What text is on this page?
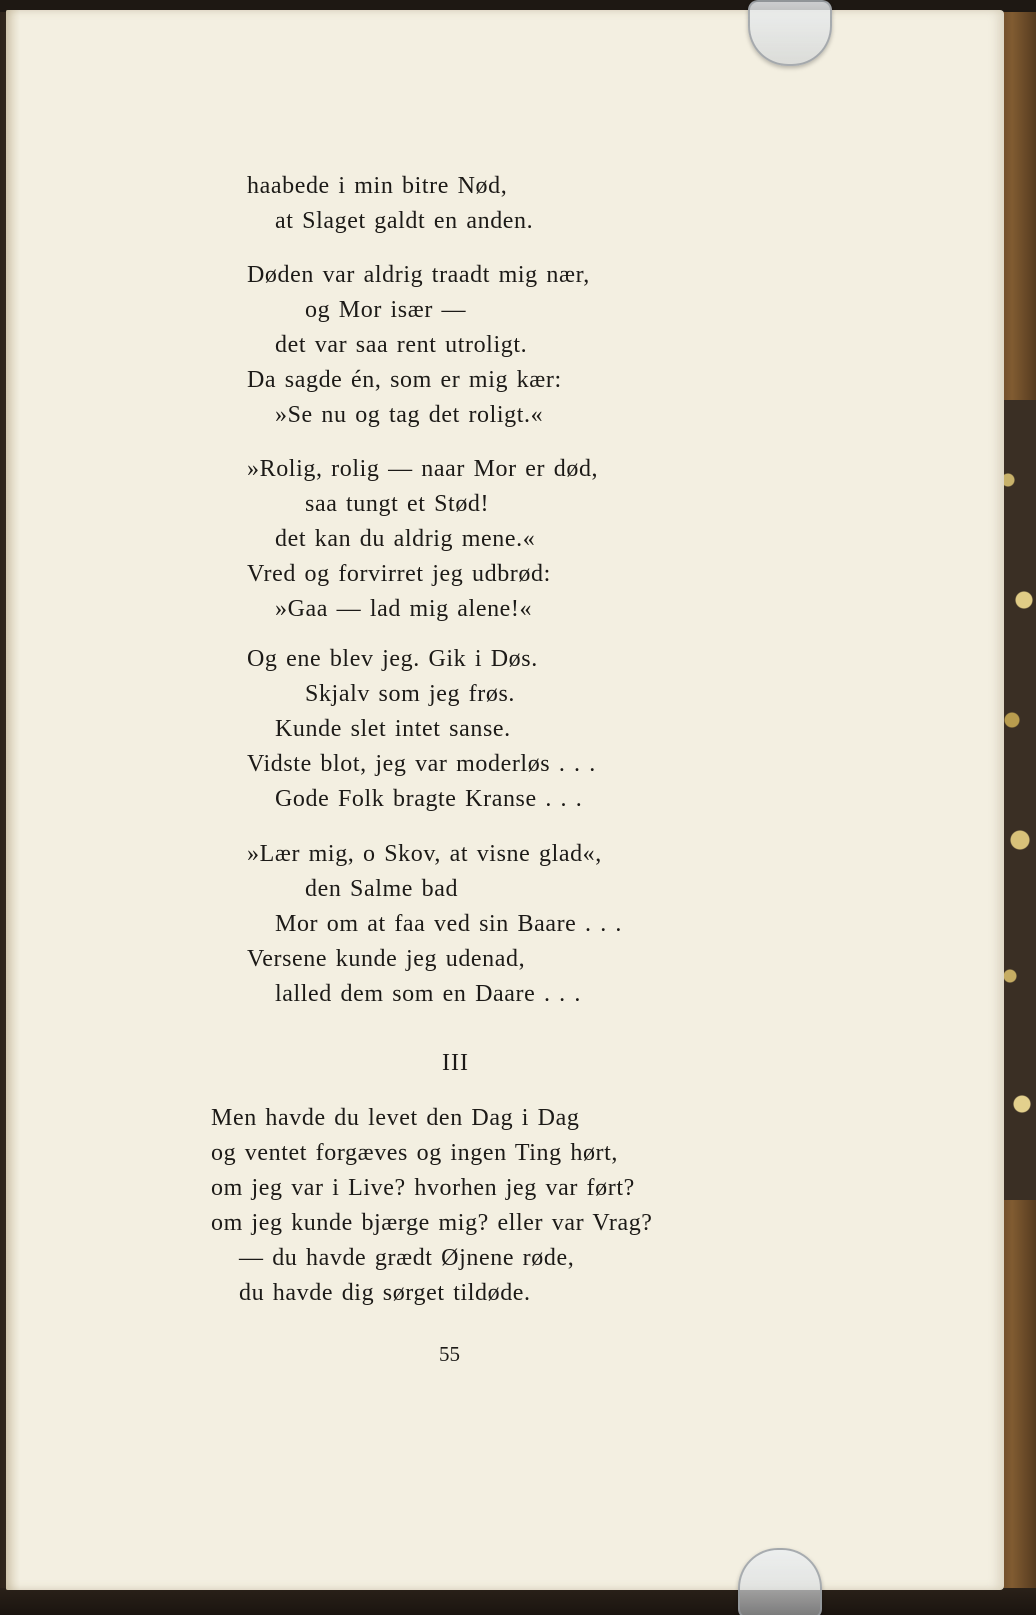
haabede i min bitre Nød,
at Slaget galdt en anden.
Døden var aldrig traadt mig nær,
og Mor især —
det var saa rent utroligt.
Da sagde én, som er mig kær:
»Se nu og tag det roligt.«
»Rolig, rolig — naar Mor er død,
saa tungt et Stød!
det kan du aldrig mene.«
Vred og forvirret jeg udbrød:
»Gaa — lad mig alene!«
Og ene blev jeg. Gik i Døs.
Skjalv som jeg frøs.
Kunde slet intet sanse.
Vidste blot, jeg var moderløs . . .
Gode Folk bragte Kranse . . .
»Lær mig, o Skov, at visne glad«,
den Salme bad
Mor om at faa ved sin Baare . . .
Versene kunde jeg udenad,
lalled dem som en Daare . . .
III
Men havde du levet den Dag i Dag
og ventet forgæves og ingen Ting hørt,
om jeg var i Live? hvorhen jeg var ført?
om jeg kunde bjærge mig? eller var Vrag?
— du havde grædt Øjnene røde,
du havde dig sørget tildøde.
55
